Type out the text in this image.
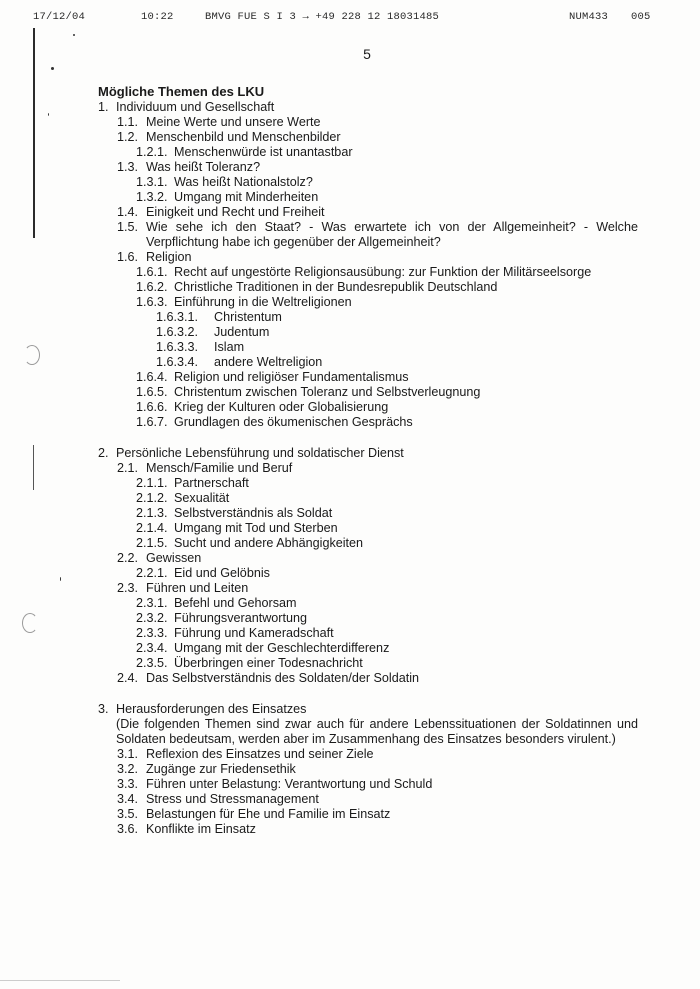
17/12/04	10:22	BMVG FUE S I 3 → +49 228 12 18031485	NUM433 005
5
Mögliche Themen des LKU
1. Individuum und Gesellschaft
1.1. Meine Werte und unsere Werte
1.2. Menschenbild und Menschenbilder
1.2.1. Menschenwürde ist unantastbar
1.3. Was heißt Toleranz?
1.3.1. Was heißt Nationalstolz?
1.3.2. Umgang mit Minderheiten
1.4. Einigkeit und Recht und Freiheit
1.5. Wie sehe ich den Staat? - Was erwartete ich von der Allgemeinheit? - Welche Verpflichtung habe ich gegenüber der Allgemeinheit?
1.6. Religion
1.6.1. Recht auf ungestörte Religionsausübung: zur Funktion der Militärseelsorge
1.6.2. Christliche Traditionen in der Bundesrepublik Deutschland
1.6.3. Einführung in die Weltreligionen
1.6.3.1. Christentum
1.6.3.2. Judentum
1.6.3.3. Islam
1.6.3.4. andere Weltreligion
1.6.4. Religion und religiöser Fundamentalismus
1.6.5. Christentum zwischen Toleranz und Selbstverleugnung
1.6.6. Krieg der Kulturen oder Globalisierung
1.6.7. Grundlagen des ökumenischen Gesprächs
2. Persönliche Lebensführung und soldatischer Dienst
2.1. Mensch/Familie und Beruf
2.1.1. Partnerschaft
2.1.2. Sexualität
2.1.3. Selbstverständnis als Soldat
2.1.4. Umgang mit Tod und Sterben
2.1.5. Sucht und andere Abhängigkeiten
2.2. Gewissen
2.2.1. Eid und Gelöbnis
2.3. Führen und Leiten
2.3.1. Befehl und Gehorsam
2.3.2. Führungsverantwortung
2.3.3. Führung und Kameradschaft
2.3.4. Umgang mit der Geschlechterdifferenz
2.3.5. Überbringen einer Todesnachricht
2.4. Das Selbstverständnis des Soldaten/der Soldatin
3. Herausforderungen des Einsatzes
(Die folgenden Themen sind zwar auch für andere Lebenssituationen der Soldatinnen und Soldaten bedeutsam, werden aber im Zusammenhang des Einsatzes besonders virulent.)
3.1. Reflexion des Einsatzes und seiner Ziele
3.2. Zugänge zur Friedensethik
3.3. Führen unter Belastung: Verantwortung und Schuld
3.4. Stress und Stressmanagement
3.5. Belastungen für Ehe und Familie im Einsatz
3.6. Konflikte im Einsatz
